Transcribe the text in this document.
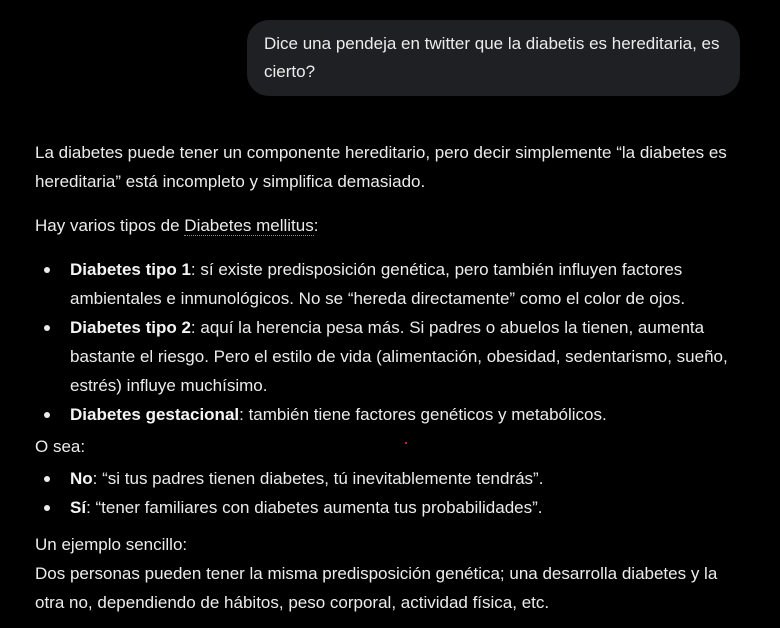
Dice una pendeja en twitter que la diabetis es hereditaria, es cierto?

La diabetes puede tener un componente hereditario, pero decir simplemente “la diabetes es hereditaria” está incompleto y simplifica demasiado.

Hay varios tipos de Diabetes mellitus:

Diabetes tipo 1: sí existe predisposición genética, pero también influyen factores ambientales e inmunológicos. No se “hereda directamente” como el color de ojos.
Diabetes tipo 2: aquí la herencia pesa más. Si padres o abuelos la tienen, aumenta bastante el riesgo. Pero el estilo de vida (alimentación, obesidad, sedentarismo, sueño, estrés) influye muchísimo.
Diabetes gestacional: también tiene factores genéticos y metabólicos.

O sea:

No: “si tus padres tienen diabetes, tú inevitablemente tendrás”.
Sí: “tener familiares con diabetes aumenta tus probabilidades”.

Un ejemplo sencillo:

Dos personas pueden tener la misma predisposición genética; una desarrolla diabetes y la otra no, dependiendo de hábitos, peso corporal, actividad física, etc.
